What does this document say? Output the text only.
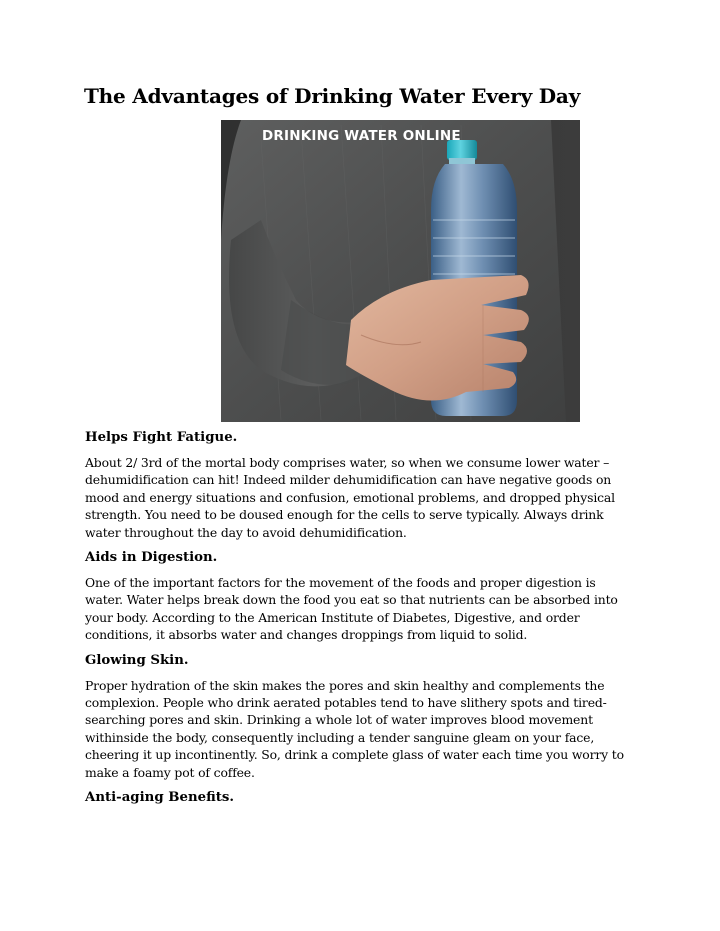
The Advantages of Drinking Water Every Day
DRINKING WATER ONLINE
Helps Fight Fatigue.

About 2/ 3rd of the mortal body comprises water, so when we consume lower water – dehumidification can hit! Indeed milder dehumidification can have negative goods on mood and energy situations and confusion, emotional problems, and dropped physical strength. You need to be doused enough for the cells to serve typically. Always drink water throughout the day to avoid dehumidification.

Aids in Digestion.

One of the important factors for the movement of the foods and proper digestion is water. Water helps break down the food you eat so that nutrients can be absorbed into your body. According to the American Institute of Diabetes, Digestive, and order conditions, it absorbs water and changes droppings from liquid to solid.

Glowing Skin.

Proper hydration of the skin makes the pores and skin healthy and complements the complexion. People who drink aerated potables tend to have slithery spots and tired-searching pores and skin. Drinking a whole lot of water improves blood movement withinside the body, consequently including a tender sanguine gleam on your face, cheering it up incontinently. So, drink a complete glass of water each time you worry to make a foamy pot of coffee.

Anti-aging Benefits.
